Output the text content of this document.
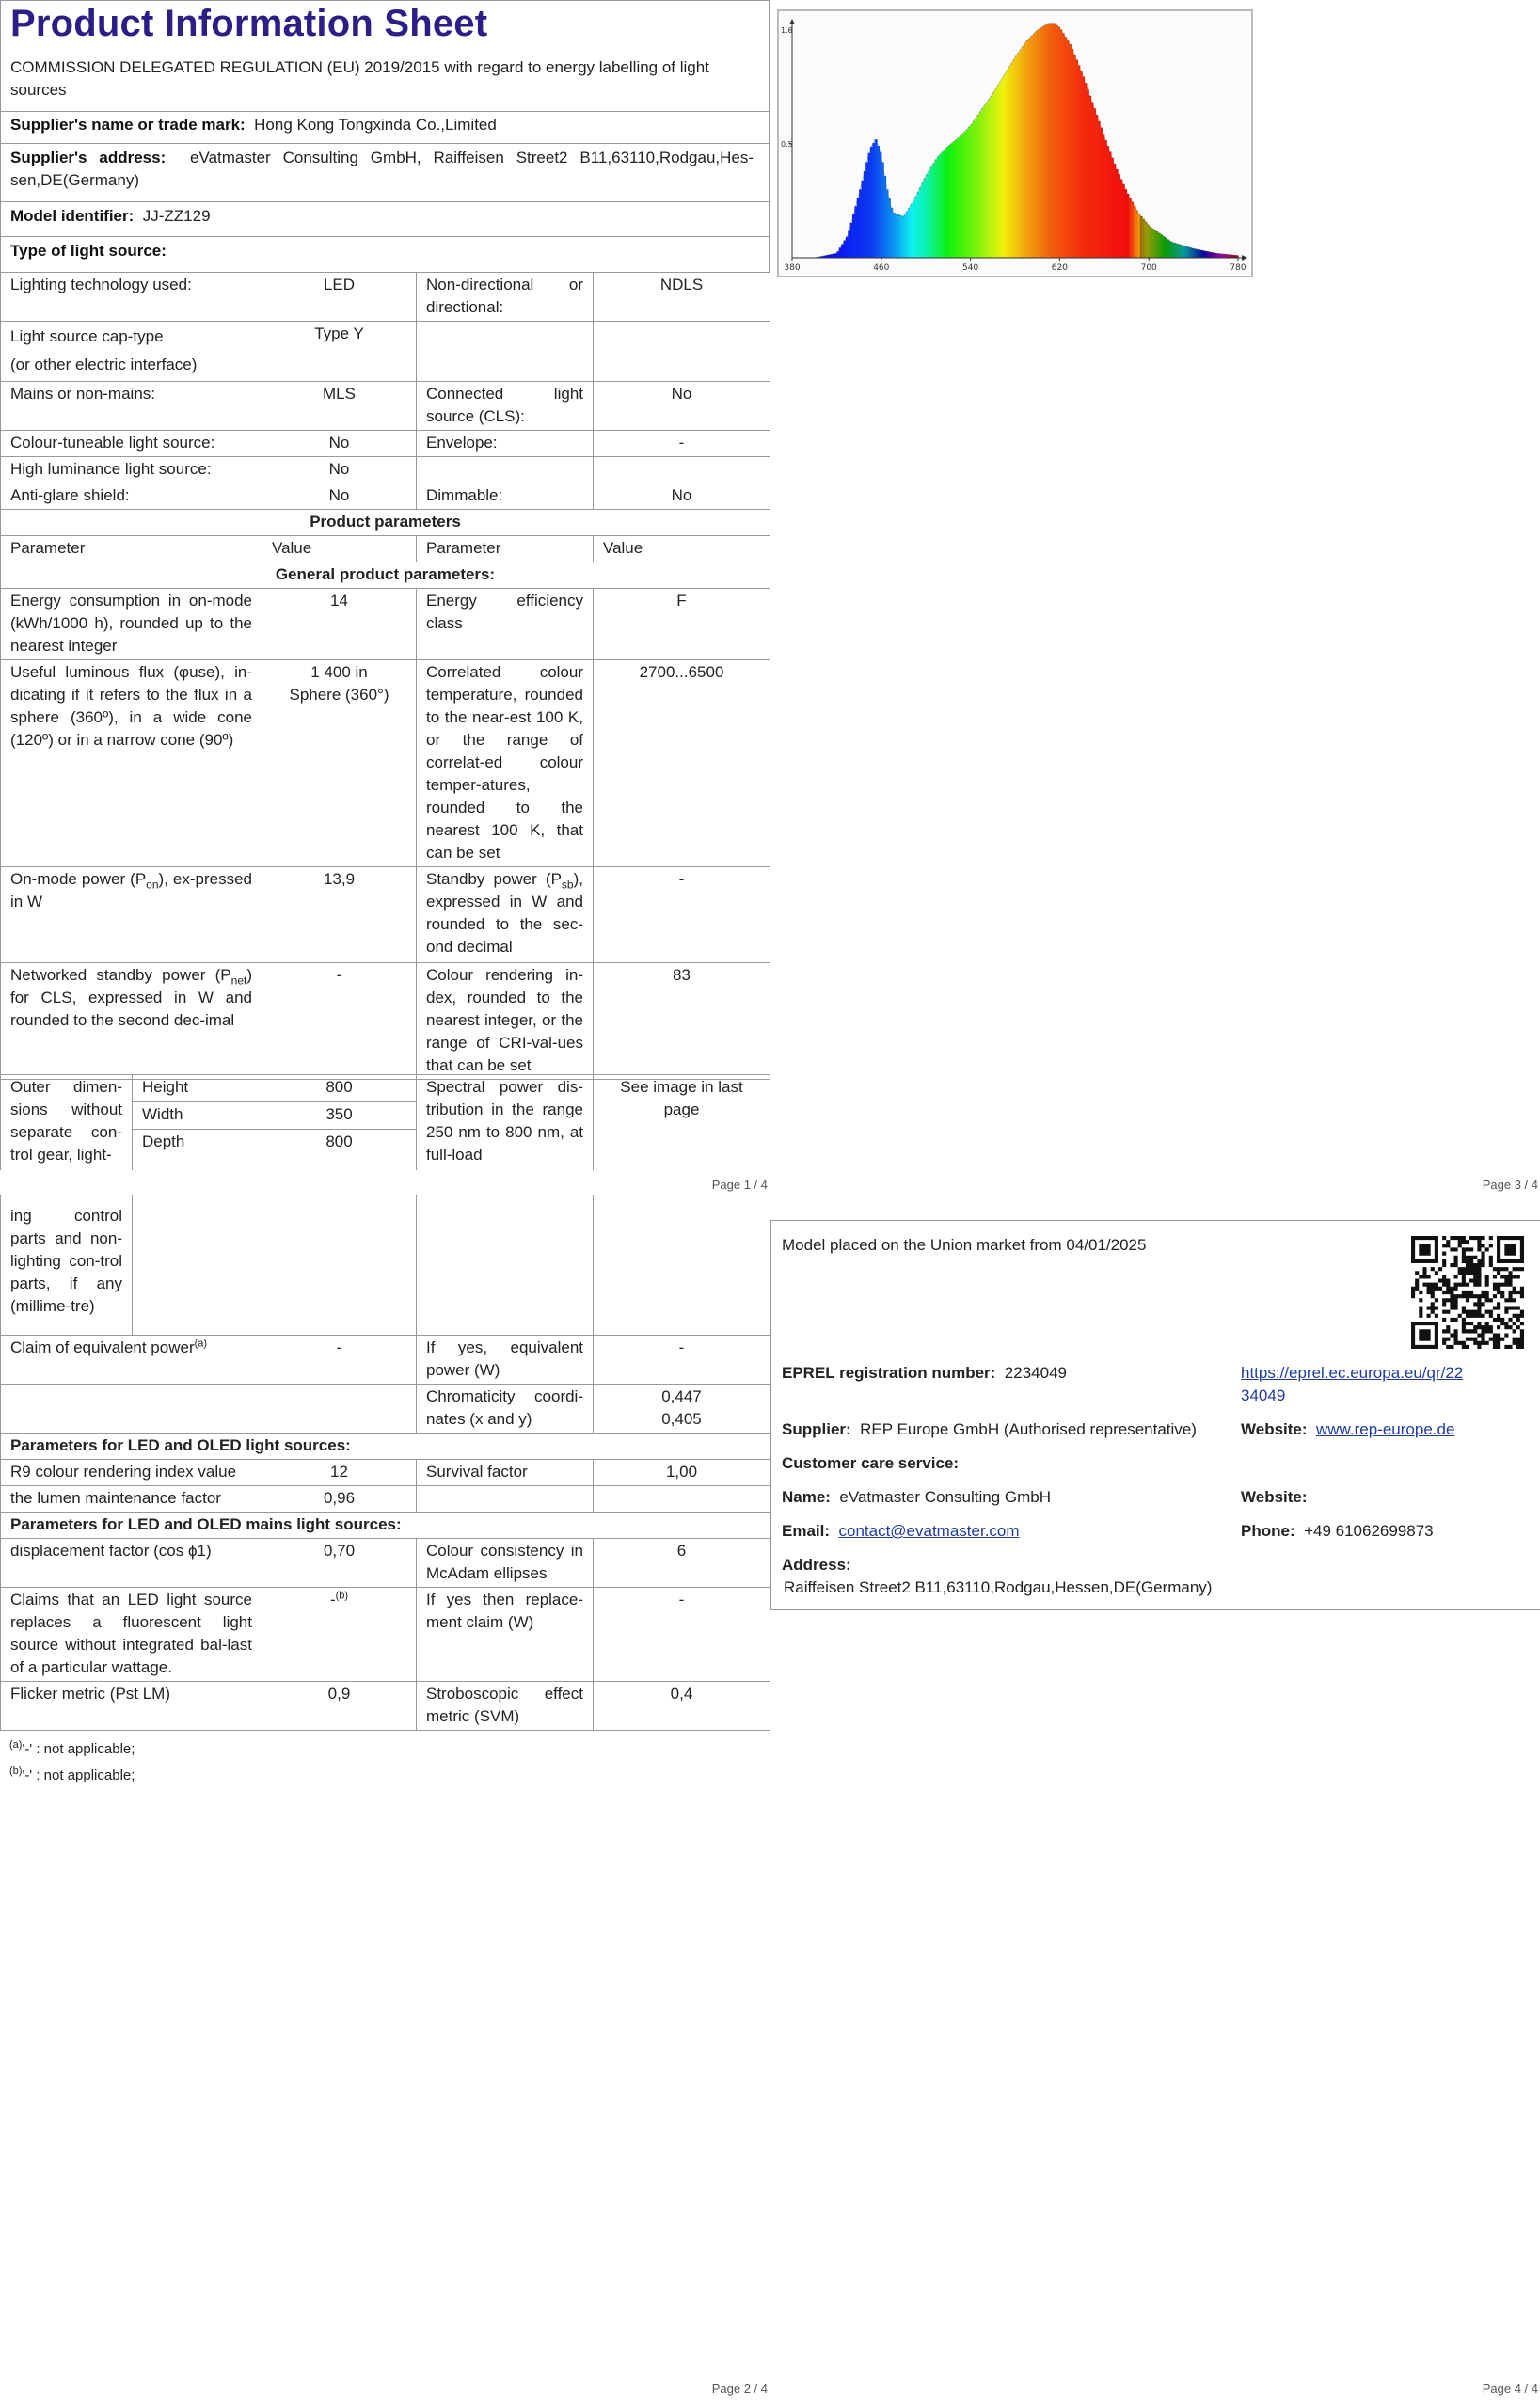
Product Information Sheet

COMMISSION DELEGATED REGULATION (EU) 2019/2015 with regard to energy labelling of light sources

Supplier's name or trade mark: Hong Kong Tongxinda Co.,Limited
Supplier's address: eVatmaster Consulting GmbH, Raiffeisen Street2 B11,63110,Rodgau,Hes-sen,DE(Germany)
Model identifier: JJ-ZZ129
Type of light source:
Lighting technology used:	LED	Non-directional or directional:	NDLS
Light source cap-type
(or other electric interface)	Type Y		
Mains or non-mains:	MLS	Connected light source (CLS):	No
Colour-tuneable light source:	No	Envelope:	-
High luminance light source:	No		
Anti-glare shield:	No	Dimmable:	No
Product parameters			
Parameter	Value	Parameter	Value
General product parameters:			
Energy consumption in on-mode (kWh/1000 h), rounded up to the nearest integer	14	Energy efficiency class	F
Useful luminous flux (φuse), in-dicating if it refers to the flux in a sphere (360º), in a wide cone (120º) or in a narrow cone (90º)	1 400 in
Sphere (360°)	Correlated colour temperature, rounded to the near-est 100 K, or the range of correlat-ed colour temper-atures, rounded to the nearest 100 K, that can be set	2700...6500
On-mode power $(P_{on})$, ex-pressed in W	13,9	Standby power $(P_{sb})$, expressed in W and rounded to the sec-ond decimal	-
Networked standby power $(P_{net})$ for CLS, expressed in W and rounded to the second dec-imal	-	Colour rendering in-dex, rounded to the nearest integer, or the range of CRI-val-ues that can be set	83
Outer dimen-sions without separate con-trol gear, light-	Height	800	Spectral power dis-tribution in the range 250 nm to 800 nm, at full-load	See image in last page
	Width	350		
	Depth	800		
Page 1 / 4
ing control parts and non-lighting con-trol parts, if any (millime-tre)				
Claim of equivalent power$^{(a)}$		-	If yes, equivalent power (W)	-
			Chromaticity coordi-nates (x and y)	0,447
0,405
Parameters for LED and OLED light sources:				
R9 colour rendering index value		12	Survival factor	1,00
the lumen maintenance factor		0,96		
Parameters for LED and OLED mains light sources:				
displacement factor (cos ϕ1)		0,70	Colour consistency in McAdam ellipses	6
Claims that an LED light source replaces a fluorescent light source without integrated bal-last of a particular wattage.		-$^{(b)}$	If yes then replace-ment claim (W)	-
Flicker metric (Pst LM)		0,9	Stroboscopic effect metric (SVM)	0,4
$^{(a)}$'-' : not applicable;
$^{(b)}$'-' : not applicable;
Page 2 / 4
380	460	540	620	700	780
0.5
1.0
Page 3 / 4
Model placed on the Union market from 04/01/2025
EPREL registration number: 2234049	https://eprel.ec.europa.eu/qr/22
34049
Supplier: REP Europe GmbH (Authorised representative)	Website: www.rep-europe.de
Customer care service:
Name: eVatmaster Consulting GmbH	Website:
Email: contact@evatmaster.com	Phone: +49 61062699873
Address:
Raiffeisen Street2 B11,63110,Rodgau,Hessen,DE(Germany)
Page 4 / 4
